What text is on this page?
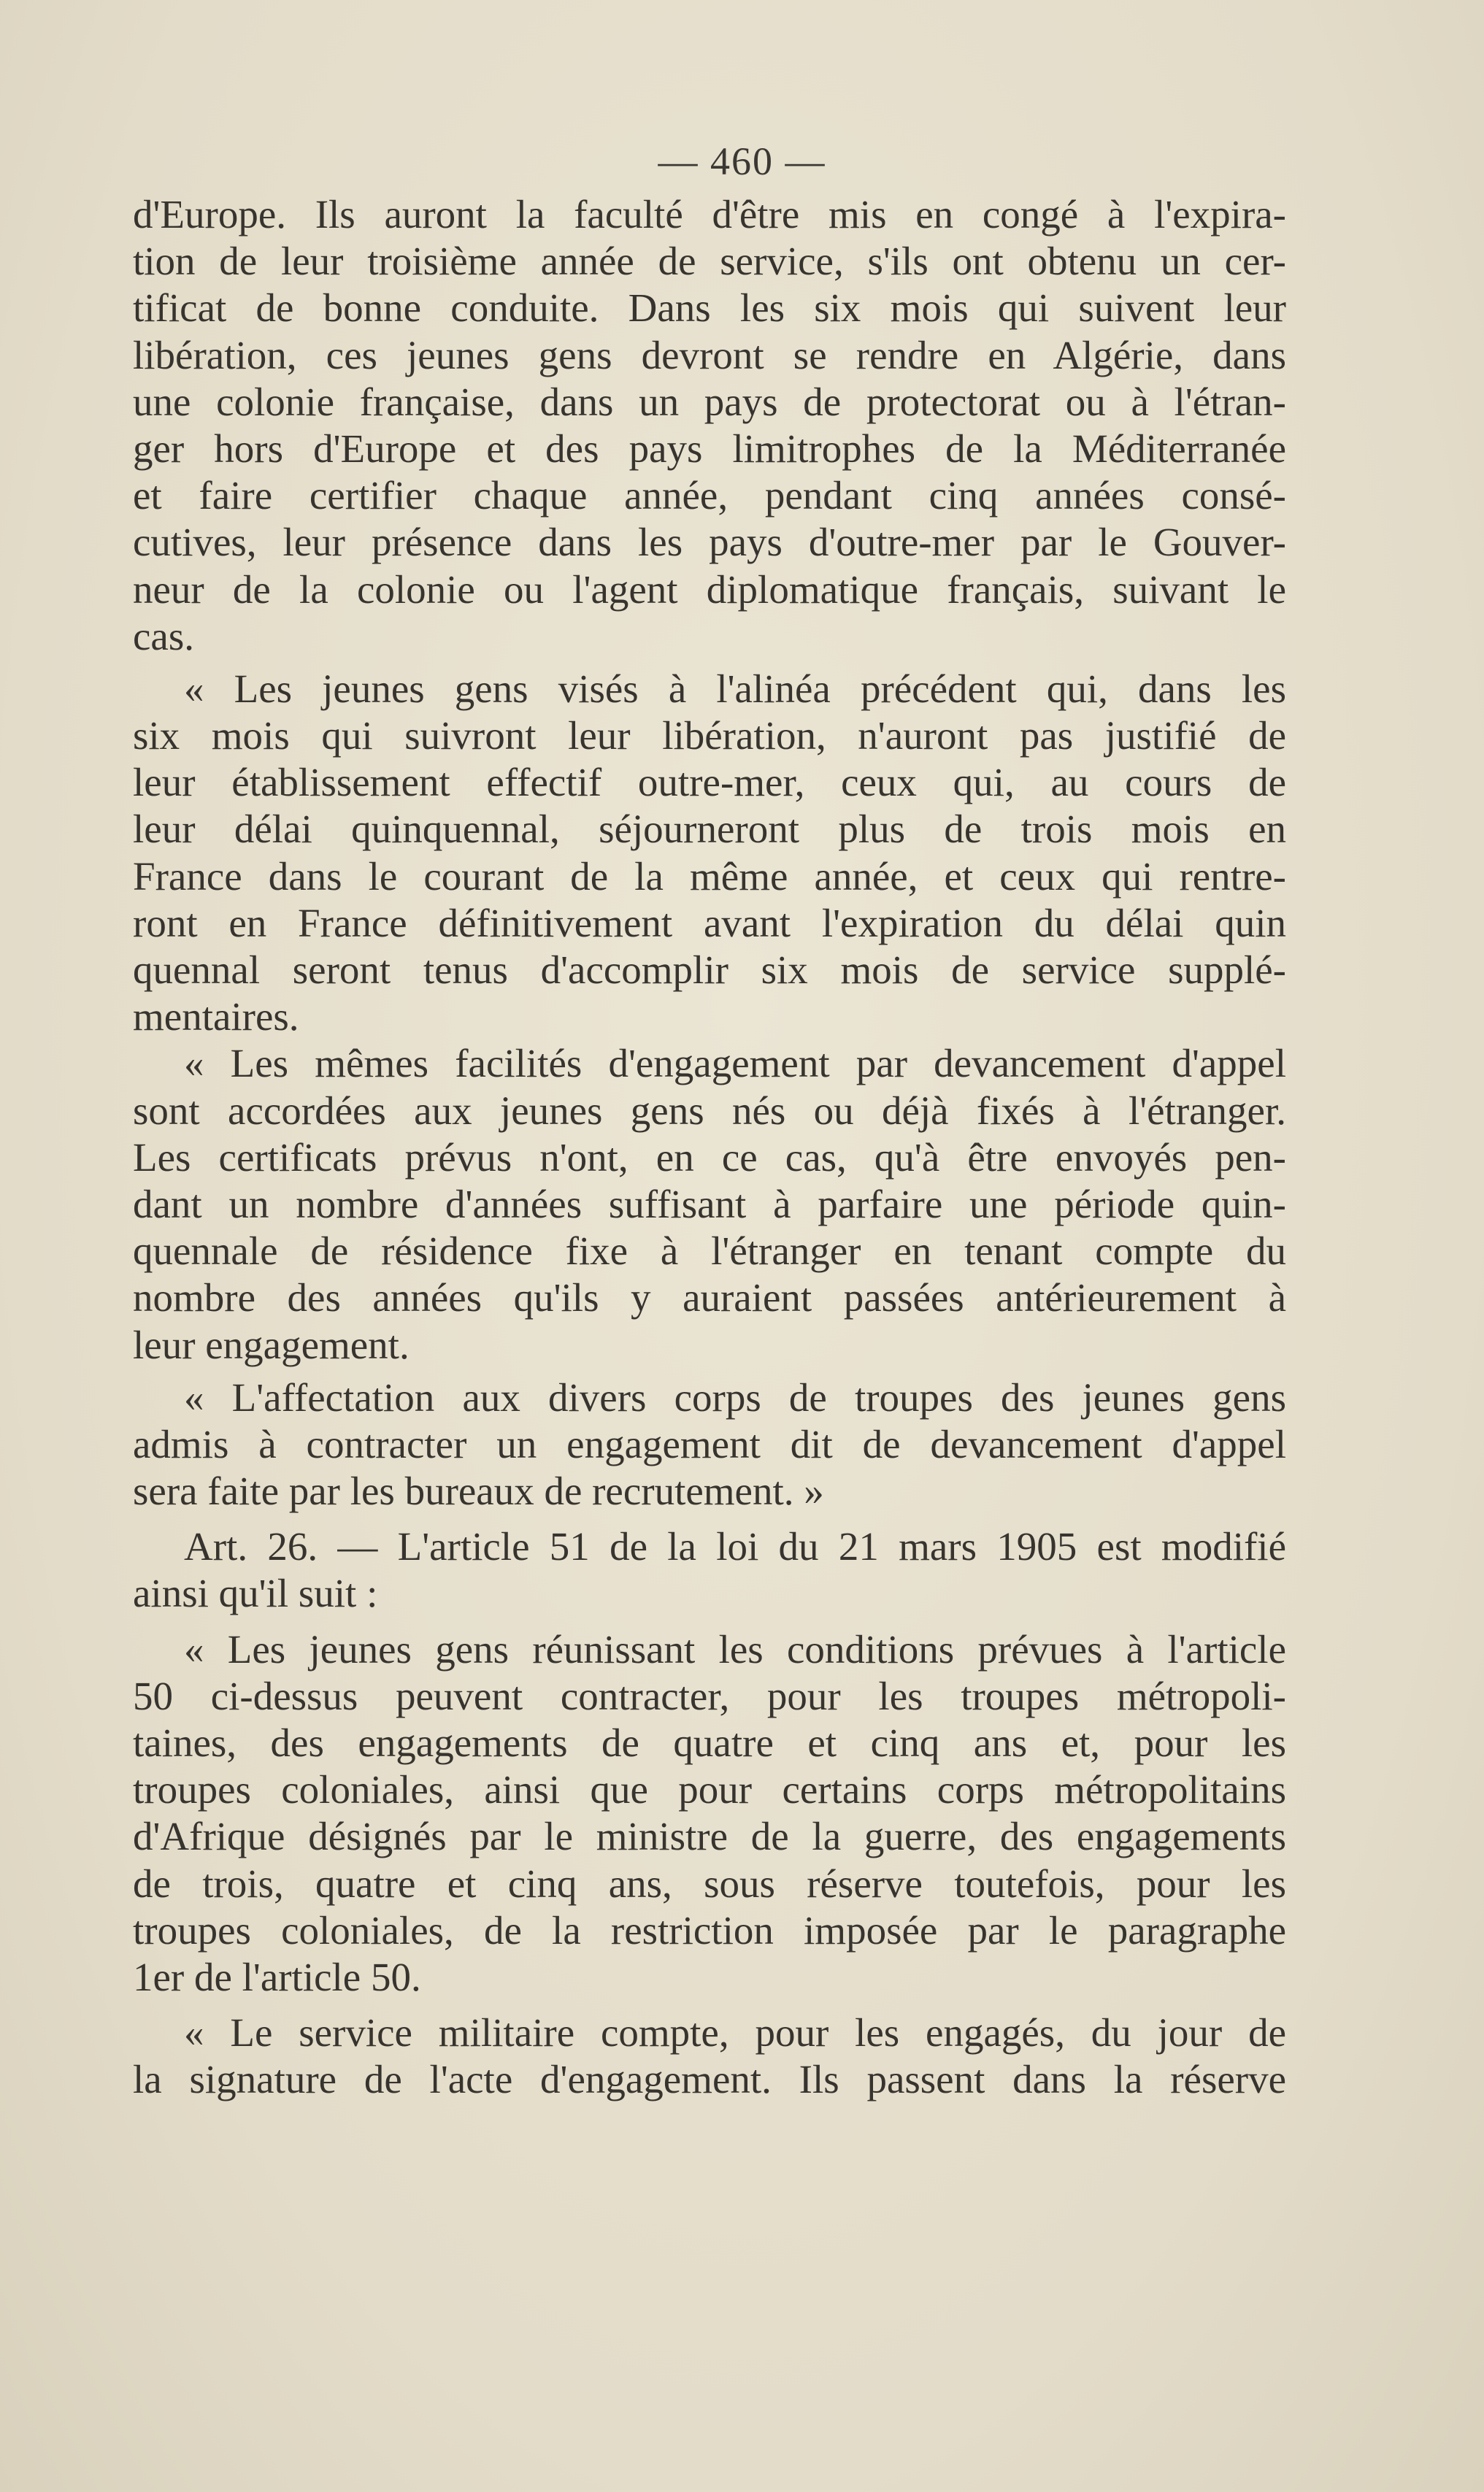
— 460 —
d'Europe. Ils auront la faculté d'être mis en congé à l'expira-
tion de leur troisième année de service, s'ils ont obtenu un cer-
tificat de bonne conduite. Dans les six mois qui suivent leur
libération, ces jeunes gens devront se rendre en Algérie, dans
une colonie française, dans un pays de protectorat ou à l'étran-
ger hors d'Europe et des pays limitrophes de la Méditerranée
et faire certifier chaque année, pendant cinq années consé-
cutives, leur présence dans les pays d'outre-mer par le Gouver-
neur de la colonie ou l'agent diplomatique français, suivant le
cas.
« Les jeunes gens visés à l'alinéa précédent qui, dans les
six mois qui suivront leur libération, n'auront pas justifié de
leur établissement effectif outre-mer, ceux qui, au cours de
leur délai quinquennal, séjourneront plus de trois mois en
France dans le courant de la même année, et ceux qui rentre-
ront en France définitivement avant l'expiration du délai quin
quennal seront tenus d'accomplir six mois de service supplé-
mentaires.
« Les mêmes facilités d'engagement par devancement d'appel
sont accordées aux jeunes gens nés ou déjà fixés à l'étranger.
Les certificats prévus n'ont, en ce cas, qu'à être envoyés pen-
dant un nombre d'années suffisant à parfaire une période quin-
quennale de résidence fixe à l'étranger en tenant compte du
nombre des années qu'ils y auraient passées antérieurement à
leur engagement.
« L'affectation aux divers corps de troupes des jeunes gens
admis à contracter un engagement dit de devancement d'appel
sera faite par les bureaux de recrutement. »
Art. 26. — L'article 51 de la loi du 21 mars 1905 est modifié
ainsi qu'il suit :
« Les jeunes gens réunissant les conditions prévues à l'article
50 ci-dessus peuvent contracter, pour les troupes métropoli-
taines, des engagements de quatre et cinq ans et, pour les
troupes coloniales, ainsi que pour certains corps métropolitains
d'Afrique désignés par le ministre de la guerre, des engagements
de trois, quatre et cinq ans, sous réserve toutefois, pour les
troupes coloniales, de la restriction imposée par le paragraphe
1er de l'article 50.
« Le service militaire compte, pour les engagés, du jour de
la signature de l'acte d'engagement. Ils passent dans la réserve
